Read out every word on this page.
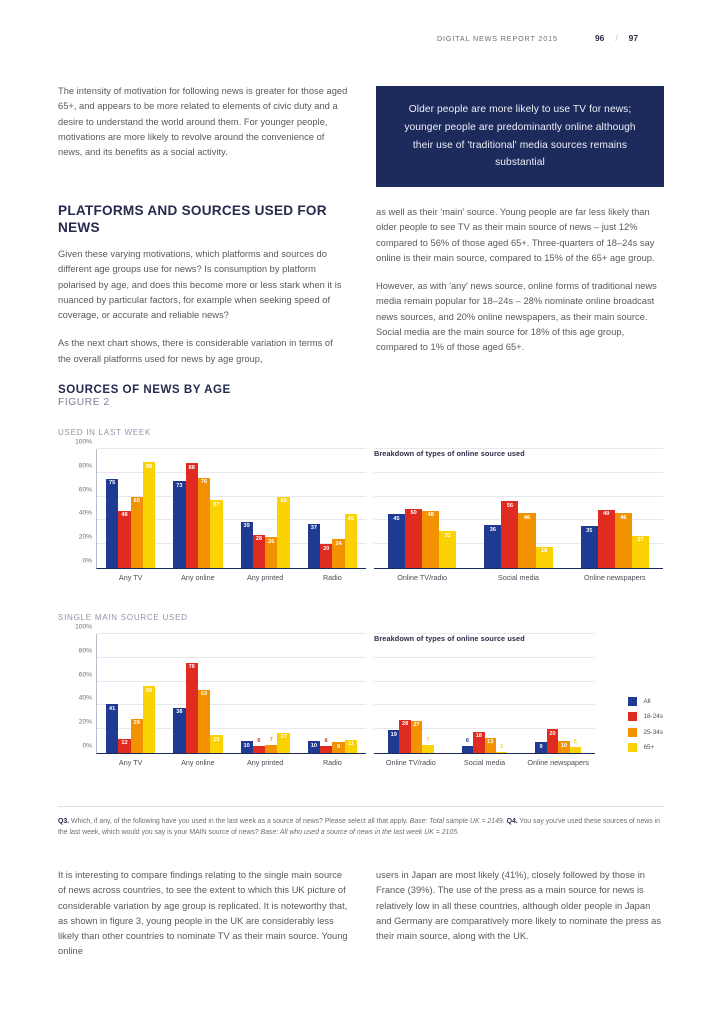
DIGITAL NEWS REPORT 2015	96 / 97

The intensity of motivation for following news is greater for those aged 65+, and appears to be more related to elements of civic duty and a desire to understand the world around them. For younger people, motivations are more likely to revolve around the convenience of news, and its benefits as a social activity.

Older people are more likely to use TV for news; younger people are predominantly online although their use of 'traditional' media sources remains substantial
PLATFORMS AND SOURCES USED FOR NEWS

Given these varying motivations, which platforms and sources do different age groups use for news? Is consumption by platform polarised by age, and does this become more or less stark when it is nuanced by particular factors, for example when seeking speed of coverage, or accurate and reliable news?

As the next chart shows, there is considerable variation in terms of the overall platforms used for news by age group,

as well as their 'main' source. Young people are far less likely than older people to see TV as their main source of news – just 12% compared to 56% of those aged 65+. Three-quarters of 18–24s say online is their main source, compared to 15% of the 65+ age group.

However, as with 'any' news source, online forms of traditional news media remain popular for 18–24s – 28% nominate online broadcast news sources, and 20% online newspapers, as their main source. Social media are the main source for 18% of this age group, compared to 1% of those aged 65+.

SOURCES OF NEWS BY AGE

FIGURE 2

USED IN LAST WEEK

0%
20%
40%
60%
80%
100%
75
48
60
89
Any TV
73
88
76
57
Any online
39
28	26
60
Any printed
37
20
24
45
Radio
Breakdown of types of online source used
45
50	48
31
Online TV/radio
36
56
46
18
Social media
35
49
46
27
Online newspapers

SINGLE MAIN SOURCE USED

0%
20%
40%
60%
80%
100%
41
12
29
56
Any TV
38
76
53
15
Any online
10
6	7	17
Any printed
10
6
9	11
Radio
Breakdown of types of online source used
19
28 27
7
Online TV/radio
6
18
13
1
Social media
9
20
10
5
Online newspapers
All
18-24s
25-34s
65+
Q3. Which, if any, of the following have you used in the last week as a source of news? Please select all that apply. Base: Total sample UK = 2149. Q4. You say you've used these sources of news in the last week, which would you say is your MAIN source of news? Base: All who used a source of news in the last week UK = 2105.

It is interesting to compare findings relating to the single main source of news across countries, to see the extent to which this UK picture of considerable variation by age group is replicated. It is noteworthy that, as shown in figure 3, young people in the UK are considerably less likely than other countries to nominate TV as their main source. Young online

users in Japan are most likely (41%), closely followed by those in France (39%). The use of the press as a main source for news is relatively low in all these countries, although older people in Japan and Germany are comparatively more likely to nominate the press as their main source, along with the UK.
